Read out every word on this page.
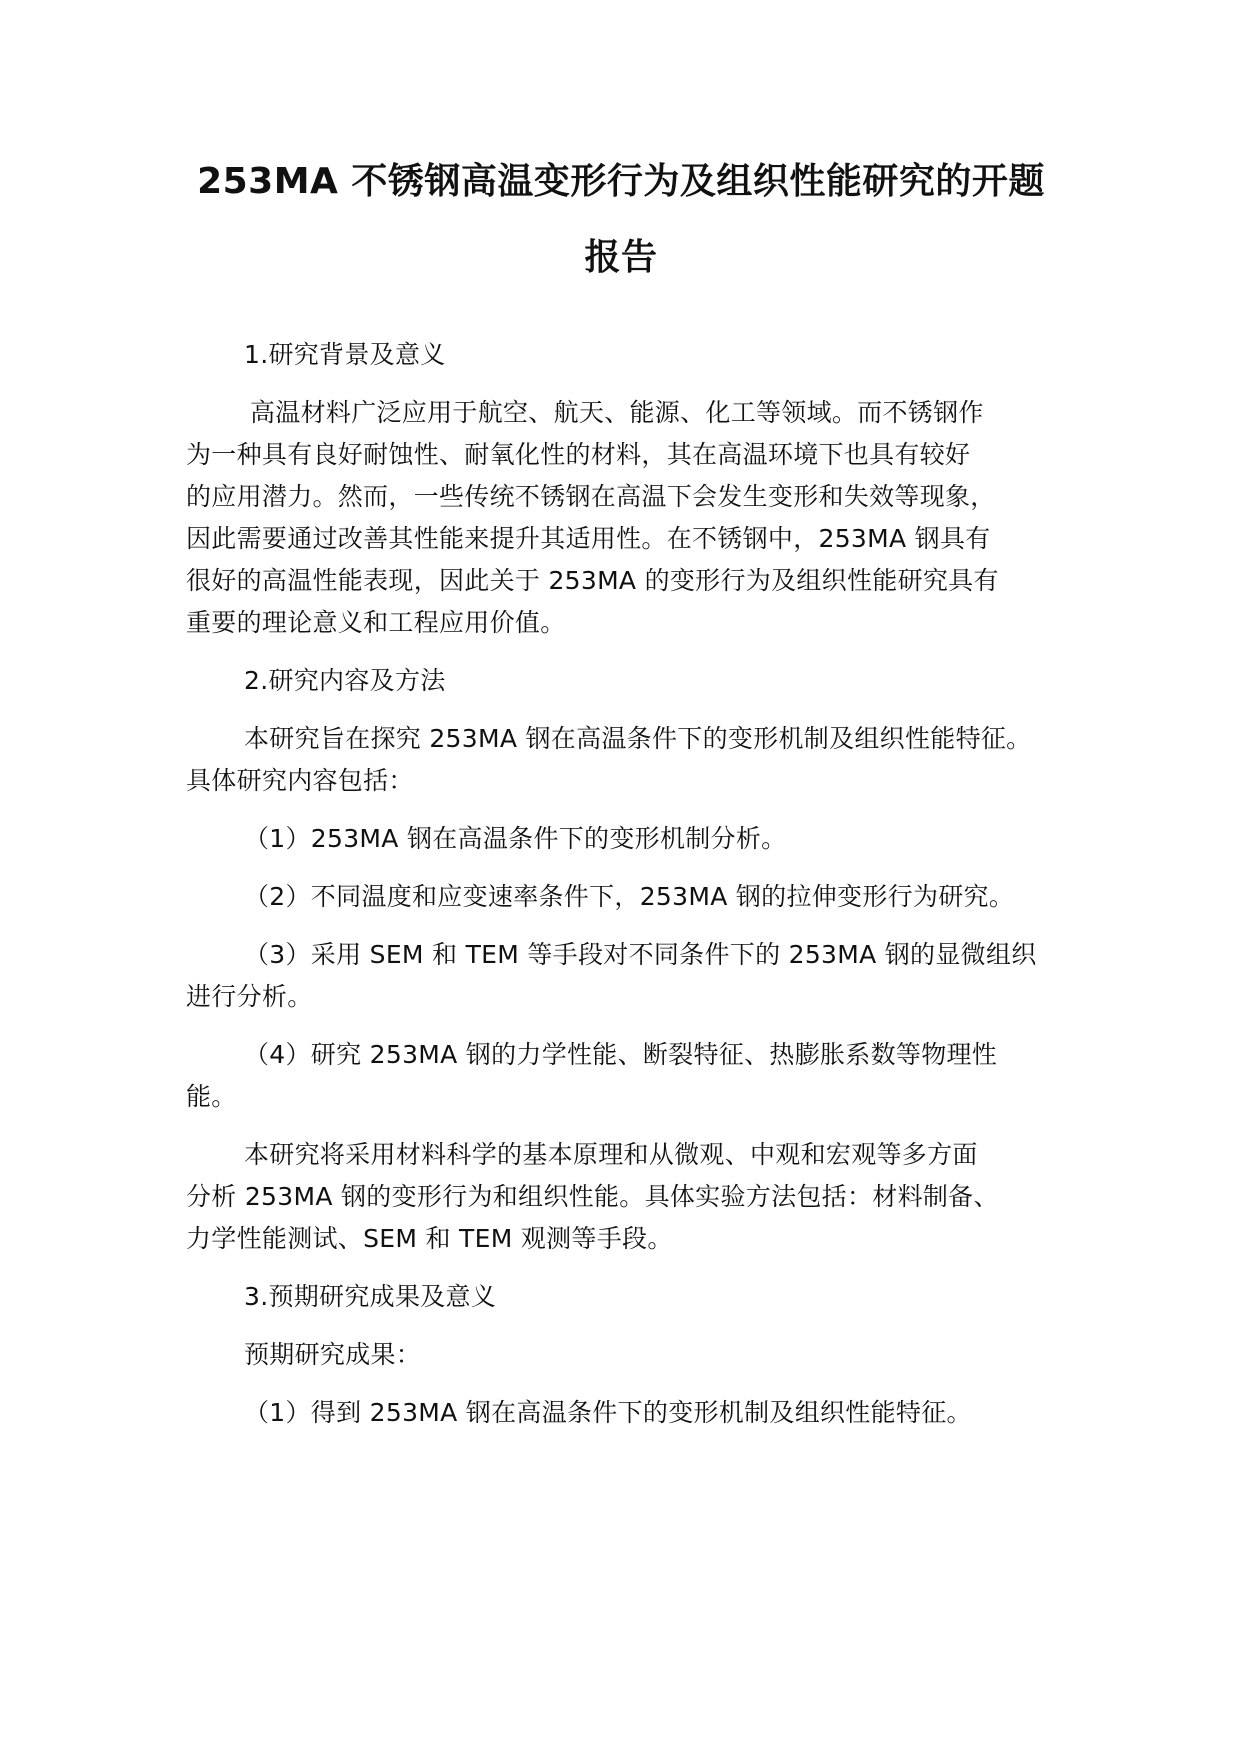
253MA 不锈钢高温变形行为及组织性能研究的开题
报告
1.研究背景及意义
高温材料广泛应用于航空、航天、能源、化工等领域。而不锈钢作
为一种具有良好耐蚀性、耐氧化性的材料，其在高温环境下也具有较好
的应用潜力。然而，一些传统不锈钢在高温下会发生变形和失效等现象，
因此需要通过改善其性能来提升其适用性。在不锈钢中，253MA 钢具有
很好的高温性能表现，因此关于 253MA 的变形行为及组织性能研究具有
重要的理论意义和工程应用价值。
2.研究内容及方法
本研究旨在探究 253MA 钢在高温条件下的变形机制及组织性能特征。
具体研究内容包括：
（1）253MA 钢在高温条件下的变形机制分析。
（2）不同温度和应变速率条件下，253MA 钢的拉伸变形行为研究。
（3）采用 SEM 和 TEM 等手段对不同条件下的 253MA 钢的显微组织
进行分析。
（4）研究 253MA 钢的力学性能、断裂特征、热膨胀系数等物理性
能。
本研究将采用材料科学的基本原理和从微观、中观和宏观等多方面
分析 253MA 钢的变形行为和组织性能。具体实验方法包括：材料制备、
力学性能测试、SEM 和 TEM 观测等手段。
3.预期研究成果及意义
预期研究成果：
（1）得到 253MA 钢在高温条件下的变形机制及组织性能特征。
